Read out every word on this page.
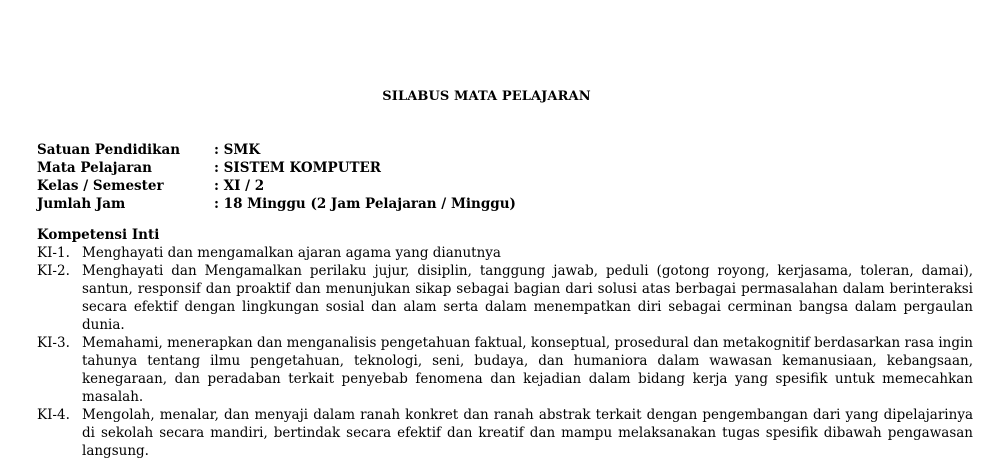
SILABUS MATA PELAJARAN
Satuan Pendidikan	: SMK
Mata Pelajaran	: SISTEM KOMPUTER
Kelas / Semester	: XI / 2
Jumlah Jam	: 18 Minggu (2 Jam Pelajaran / Minggu)
Kompetensi Inti
KI-1. Menghayati dan mengamalkan ajaran agama yang dianutnya
KI-2. Menghayati dan Mengamalkan perilaku jujur, disiplin, tanggung jawab, peduli (gotong royong, kerjasama, toleran, damai), santun, responsif dan proaktif dan menunjukan sikap sebagai bagian dari solusi atas berbagai permasalahan dalam berinteraksi secara efektif dengan lingkungan sosial dan alam serta dalam menempatkan diri sebagai cerminan bangsa dalam pergaulan dunia.
KI-3. Memahami, menerapkan dan menganalisis pengetahuan faktual, konseptual, prosedural dan metakognitif berdasarkan rasa ingin tahunya tentang ilmu pengetahuan, teknologi, seni, budaya, dan humaniora dalam wawasan kemanusiaan, kebangsaan, kenegaraan, dan peradaban terkait penyebab fenomena dan kejadian dalam bidang kerja yang spesifik untuk memecahkan masalah.
KI-4. Mengolah, menalar, dan menyaji dalam ranah konkret dan ranah abstrak terkait dengan pengembangan dari yang dipelajarinya di sekolah secara mandiri, bertindak secara efektif dan kreatif dan mampu melaksanakan tugas spesifik dibawah pengawasan langsung.
